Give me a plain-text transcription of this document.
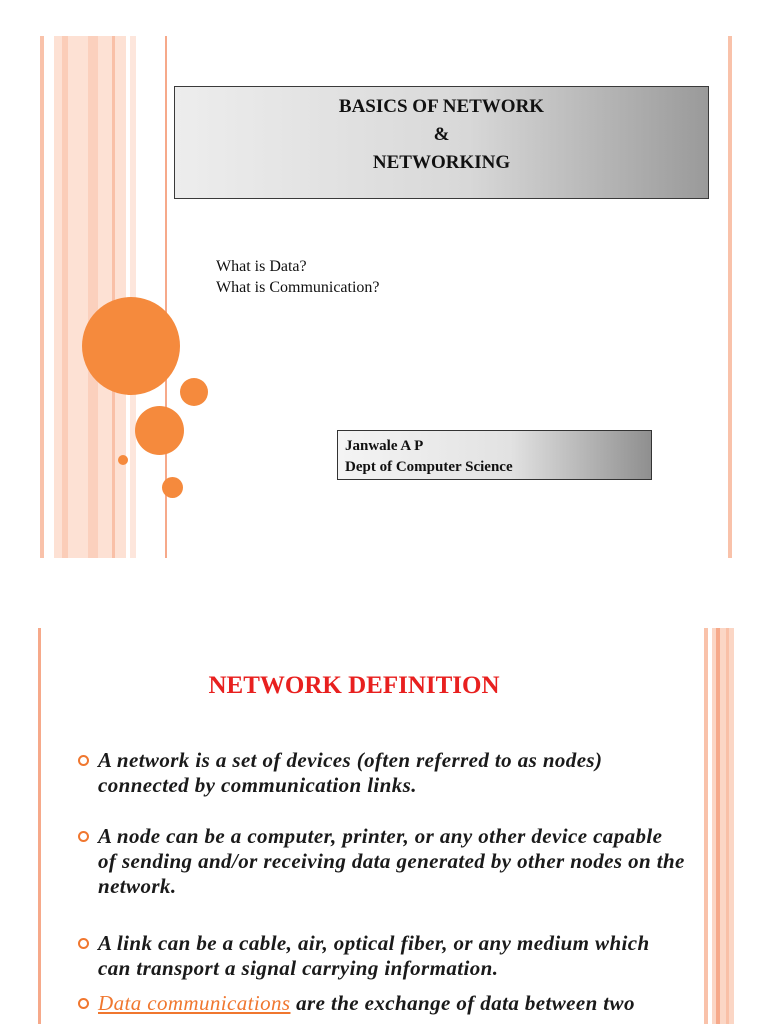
BASICS OF NETWORK
&
NETWORKING
What is Data?
What is Communication?
Janwale A P
Dept of Computer Science
NETWORK DEFINITION
A network is a set of devices (often referred to as nodes) connected by communication links.
A node can be a computer, printer, or any other device capable of sending and/or receiving data generated by other nodes on the network.
A link can be a cable, air, optical fiber, or any medium which can transport a signal carrying information.
Data communications are the exchange of data between two
